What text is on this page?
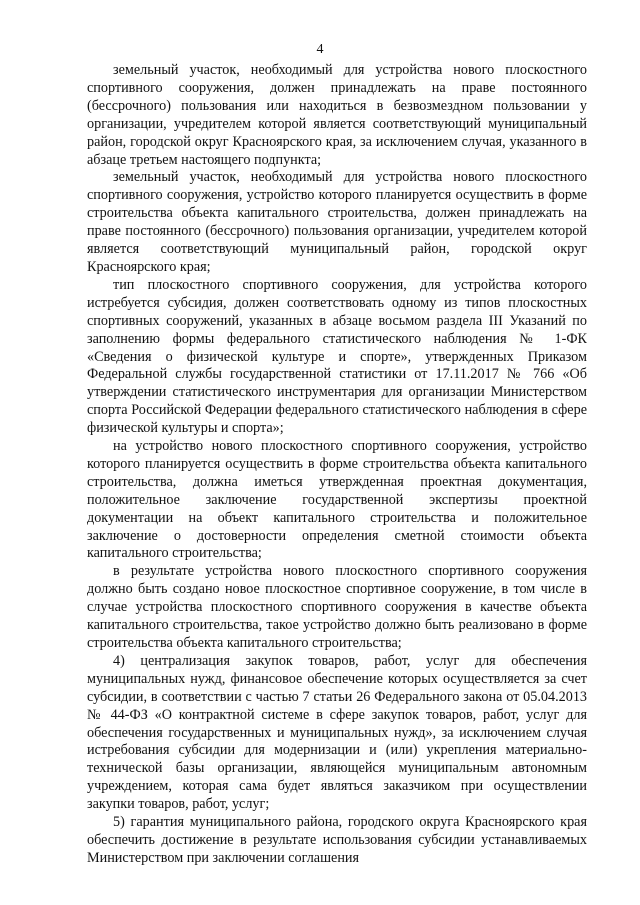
4

земельный участок, необходимый для устройства нового плоскостного спортивного сооружения, должен принадлежать на праве постоянного (бессрочного) пользования или находиться в безвозмездном пользовании у организации, учредителем которой является соответствующий муниципальный район, городской округ Красноярского края, за исключением случая, указанного в абзаце третьем настоящего подпункта;

земельный участок, необходимый для устройства нового плоскостного спортивного сооружения, устройство которого планируется осуществить в форме строительства объекта капитального строительства, должен принадлежать на праве постоянного (бессрочного) пользования организации, учредителем которой является соответствующий муниципальный район, городской округ Красноярского края;

тип плоскостного спортивного сооружения, для устройства которого истребуется субсидия, должен соответствовать одному из типов плоскостных спортивных сооружений, указанных в абзаце восьмом раздела III Указаний по заполнению формы федерального статистического наблюдения № 1-ФК «Сведения о физической культуре и спорте», утвержденных Приказом Федеральной службы государственной статистики от 17.11.2017 № 766 «Об утверждении статистического инструментария для организации Министерством спорта Российской Федерации федерального статистического наблюдения в сфере физической культуры и спорта»;

на устройство нового плоскостного спортивного сооружения, устройство которого планируется осуществить в форме строительства объекта капитального строительства, должна иметься утвержденная проектная документация, положительное заключение государственной экспертизы проектной документации на объект капитального строительства и положительное заключение о достоверности определения сметной стоимости объекта капитального строительства;

в результате устройства нового плоскостного спортивного сооружения должно быть создано новое плоскостное спортивное сооружение, в том числе в случае устройства плоскостного спортивного сооружения в качестве объекта капитального строительства, такое устройство должно быть реализовано в форме строительства объекта капитального строительства;

4) централизация закупок товаров, работ, услуг для обеспечения муниципальных нужд, финансовое обеспечение которых осуществляется за счет субсидии, в соответствии с частью 7 статьи 26 Федерального закона от 05.04.2013 № 44-ФЗ «О контрактной системе в сфере закупок товаров, работ, услуг для обеспечения государственных и муниципальных нужд», за исключением случая истребования субсидии для модернизации и (или) укрепления материально-технической базы организации, являющейся муниципальным автономным учреждением, которая сама будет являться заказчиком при осуществлении закупки товаров, работ, услуг;

5) гарантия муниципального района, городского округа Красноярского края обеспечить достижение в результате использования субсидии устанавливаемых Министерством при заключении соглашения
